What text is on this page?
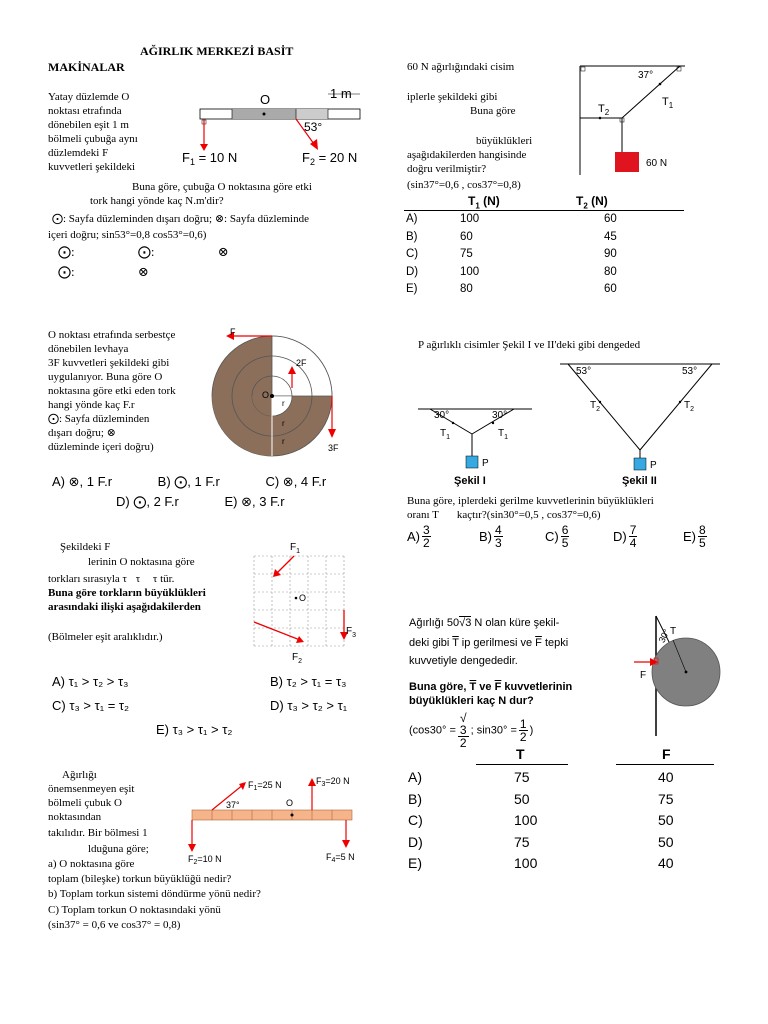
AĞIRLIK MERKEZİ BASİT
MAKİNALAR
Yatay düzlemde O
noktası etrafında
dönebilen eşit 1 m
bölmeli çubuğa aynı
düzlemdeki F
kuvvetleri şekildeki
Buna göre, çubuğa O noktasına göre etki
tork hangi yönde kaç N.m'dir?
⨀: Sayfa düzleminden dışarı doğru; ⊗: Sayfa düzleminde
içeri doğru; sin53°=0,8 cos53°=0,6)
⨀:	⨀:	⊗
⨀:	⊗
O	1 m
53°
$F_1 = 10$ N	$F_2 = 20$ N
60 N ağırlığındaki cisim
iplerle şekildeki gibi
Buna göre
büyüklükleri
aşağıdakilerden hangisinde
doğru verilmiştir?
(sin37°=0,6 , cos37°=0,8)
37°
$T_1$
$T_2$
60 N
$T_1$ (N)	$T_2$ (N)
A)	100	60
B)	60	45
C)	75	90
D)	100	80
E)	80	60
O noktası etrafında serbestçe
dönebilen levhaya
3F kuvvetleri şekildeki gibi
uygulanıyor. Buna göre O
noktasına göre etki eden tork
hangi yönde kaç F.r
⨀: Sayfa düzleminden
dışarı doğru; ⊗
düzleminde içeri doğru)
O
r
r
r
F
2F
3F
A) ⊗, 1 F.r	B) ⨀, 1 F.r	C) ⊗, 4 F.r
D) ⨀, 2 F.r	E) ⊗, 3 F.r
P ağırlıklı cisimler Şekil I ve II'deki gibi dengeded
30°	30°
$T_1$	$T_1$
P
Şekil I
53°	53°
$T_2$	$T_2$
P
Şekil II
Buna göre, iplerdeki gerilme kuvvetlerinin büyüklükleri
oranı T kaçtır?(sin30°=0,5 , cos37°=0,6)
$A) \frac{3}{2}$	$B) \frac{4}{3}$	$C) \frac{6}{5}$	$D) \frac{7}{4}$	$E) \frac{8}{5}$
Şekildeki F
lerinin O noktasına göre
torkları sırasıyla τ τ τ tür.
Buna göre torkların büyüklükleri
arasındaki ilişki aşağıdakilerden
(Bölmeler eşit aralıklıdır.)
O
$F_1$
$F_2$
$F_3$
A) τ₁ > τ₂ > τ₃	B) τ₂ > τ₁ = τ₃
C) τ₃ > τ₁ = τ₂	D) τ₃ > τ₂ > τ₁
E) τ₃ > τ₁ > τ₂
Ağırlığı 50√3 N olan küre şekil-
deki gibi $\overline{T}$ ip gerilmesi ve $\overline{F}$ tepki
kuvvetiyle dengededir.
Buna göre, $\overline{T}$ ve $\overline{F}$ kuvvetlerinin
büyüklükleri kaç N dur?
(cos30° = √
3
2 ; $\sin 30^\circ = \frac{1}{2}$ )
F
30°
T
T	F
A)	75	40
B)	50	75
C)	100	50
D)	75	50
E)	100	40
Ağırlığı
önemsenmeyen eşit
bölmeli çubuk O
noktasından
takılıdır. Bir bölmesi 1
lduğuna göre;
a) O noktasına göre
toplam (bileşke) torkun büyüklüğü nedir?
b) Toplam torkun sistemi döndürme yönü nedir?
C) Toplam torkun O noktasındaki yönü
(sin37° = 0,6 ve cos37° = 0,8)
O
$F_1=25$ N
37°
$F_3=20$ N
$F_2=10$ N	$F_4=5$ N
